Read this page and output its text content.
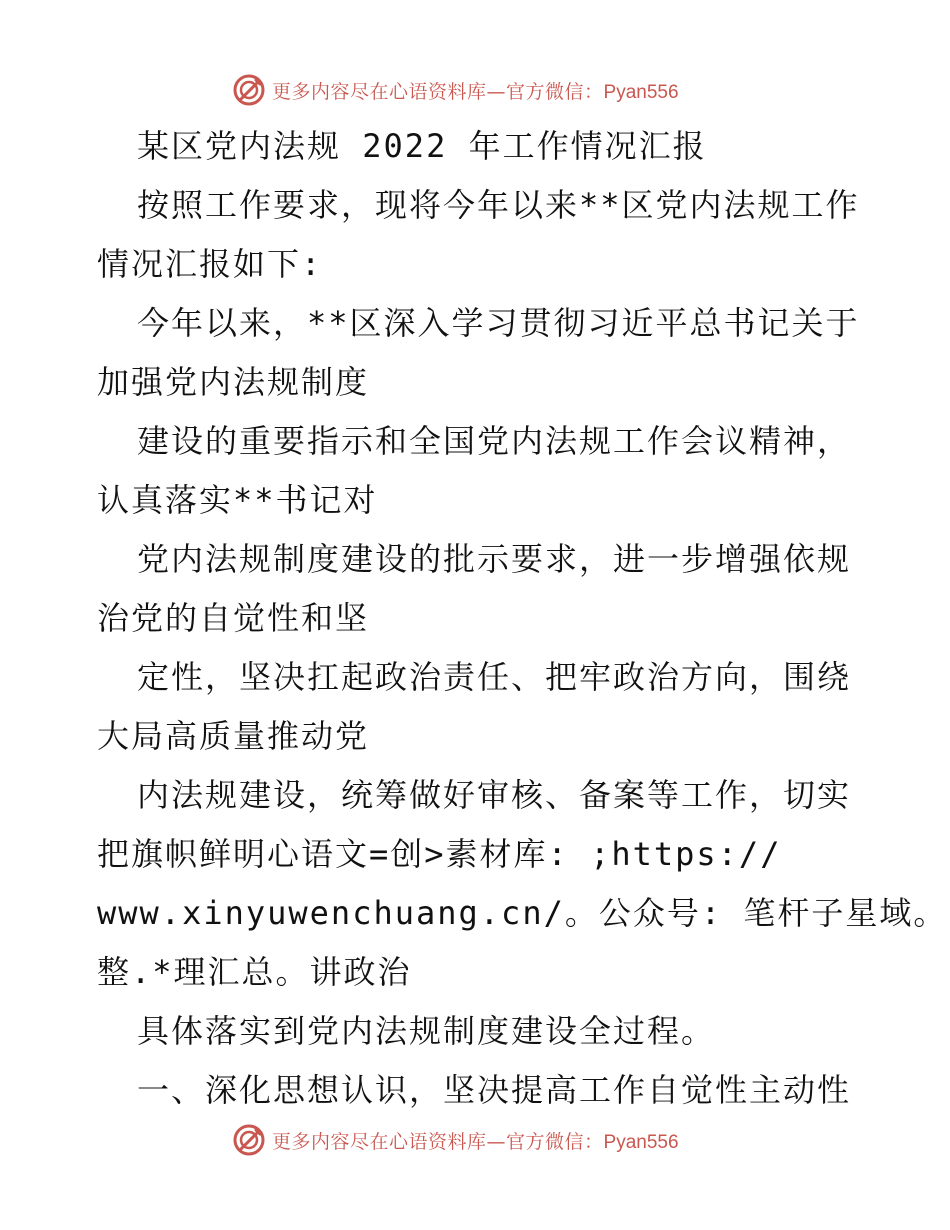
更多内容尽在心语资料库—官方微信：Pyan556
某区党内法规 2022 年工作情况汇报
按照工作要求，现将今年以来**区党内法规工作
情况汇报如下:
今年以来，**区深入学习贯彻习近平总书记关于
加强党内法规制度
建设的重要指示和全国党内法规工作会议精神，
认真落实**书记对
党内法规制度建设的批示要求，进一步增强依规
治党的自觉性和坚
定性，坚决扛起政治责任、把牢政治方向，围绕
大局高质量推动党
内法规建设，统筹做好审核、备案等工作，切实
把旗帜鲜明心语文=创>素材库: ;https://
www.xinyuwenchuang.cn/。公众号: 笔杆子星域。
整.*理汇总。讲政治
具体落实到党内法规制度建设全过程。
一、深化思想认识，坚决提高工作自觉性主动性
更多内容尽在心语资料库—官方微信：Pyan556
